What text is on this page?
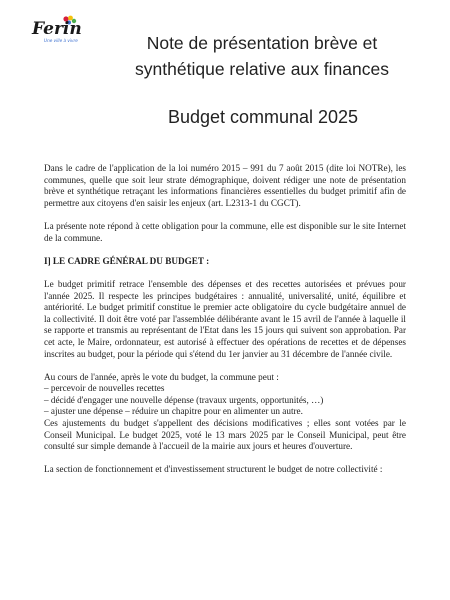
Ferin
Une ville à vivre	Note de présentation brève et
synthétique relative aux finances
Budget communal 2025

Dans le cadre de l'application de la loi numéro 2015 – 991 du 7 août 2015 (dite loi NOTRe), les communes, quelle que soit leur strate démographique, doivent rédiger une note de présentation brève et synthétique retraçant les informations financières essentielles du budget primitif afin de permettre aux citoyens d'en saisir les enjeux (art. L2313-1 du CGCT).

La présente note répond à cette obligation pour la commune, elle est disponible sur le site Internet de la commune.

I] LE CADRE GÉNÉRAL DU BUDGET :

Le budget primitif retrace l'ensemble des dépenses et des recettes autorisées et prévues pour l'année 2025. Il respecte les principes budgétaires : annualité, universalité, unité, équilibre et antériorité. Le budget primitif constitue le premier acte obligatoire du cycle budgétaire annuel de la collectivité. Il doit être voté par l'assemblée délibérante avant le 15 avril de l'année à laquelle il se rapporte et transmis au représentant de l'Etat dans les 15 jours qui suivent son approbation. Par cet acte, le Maire, ordonnateur, est autorisé à effectuer des opérations de recettes et de dépenses inscrites au budget, pour la période qui s'étend du 1er janvier au 31 décembre de l'année civile.

Au cours de l'année, après le vote du budget, la commune peut :

– percevoir de nouvelles recettes
– décidé d'engager une nouvelle dépense (travaux urgents, opportunités, …)
– ajuster une dépense – réduire un chapitre pour en alimenter un autre.

Ces ajustements du budget s'appellent des décisions modificatives ; elles sont votées par le Conseil Municipal. Le budget 2025, voté le 13 mars 2025 par le Conseil Municipal, peut être consulté sur simple demande à l'accueil de la mairie aux jours et heures d'ouverture.

La section de fonctionnement et d'investissement structurent le budget de notre collectivité :
